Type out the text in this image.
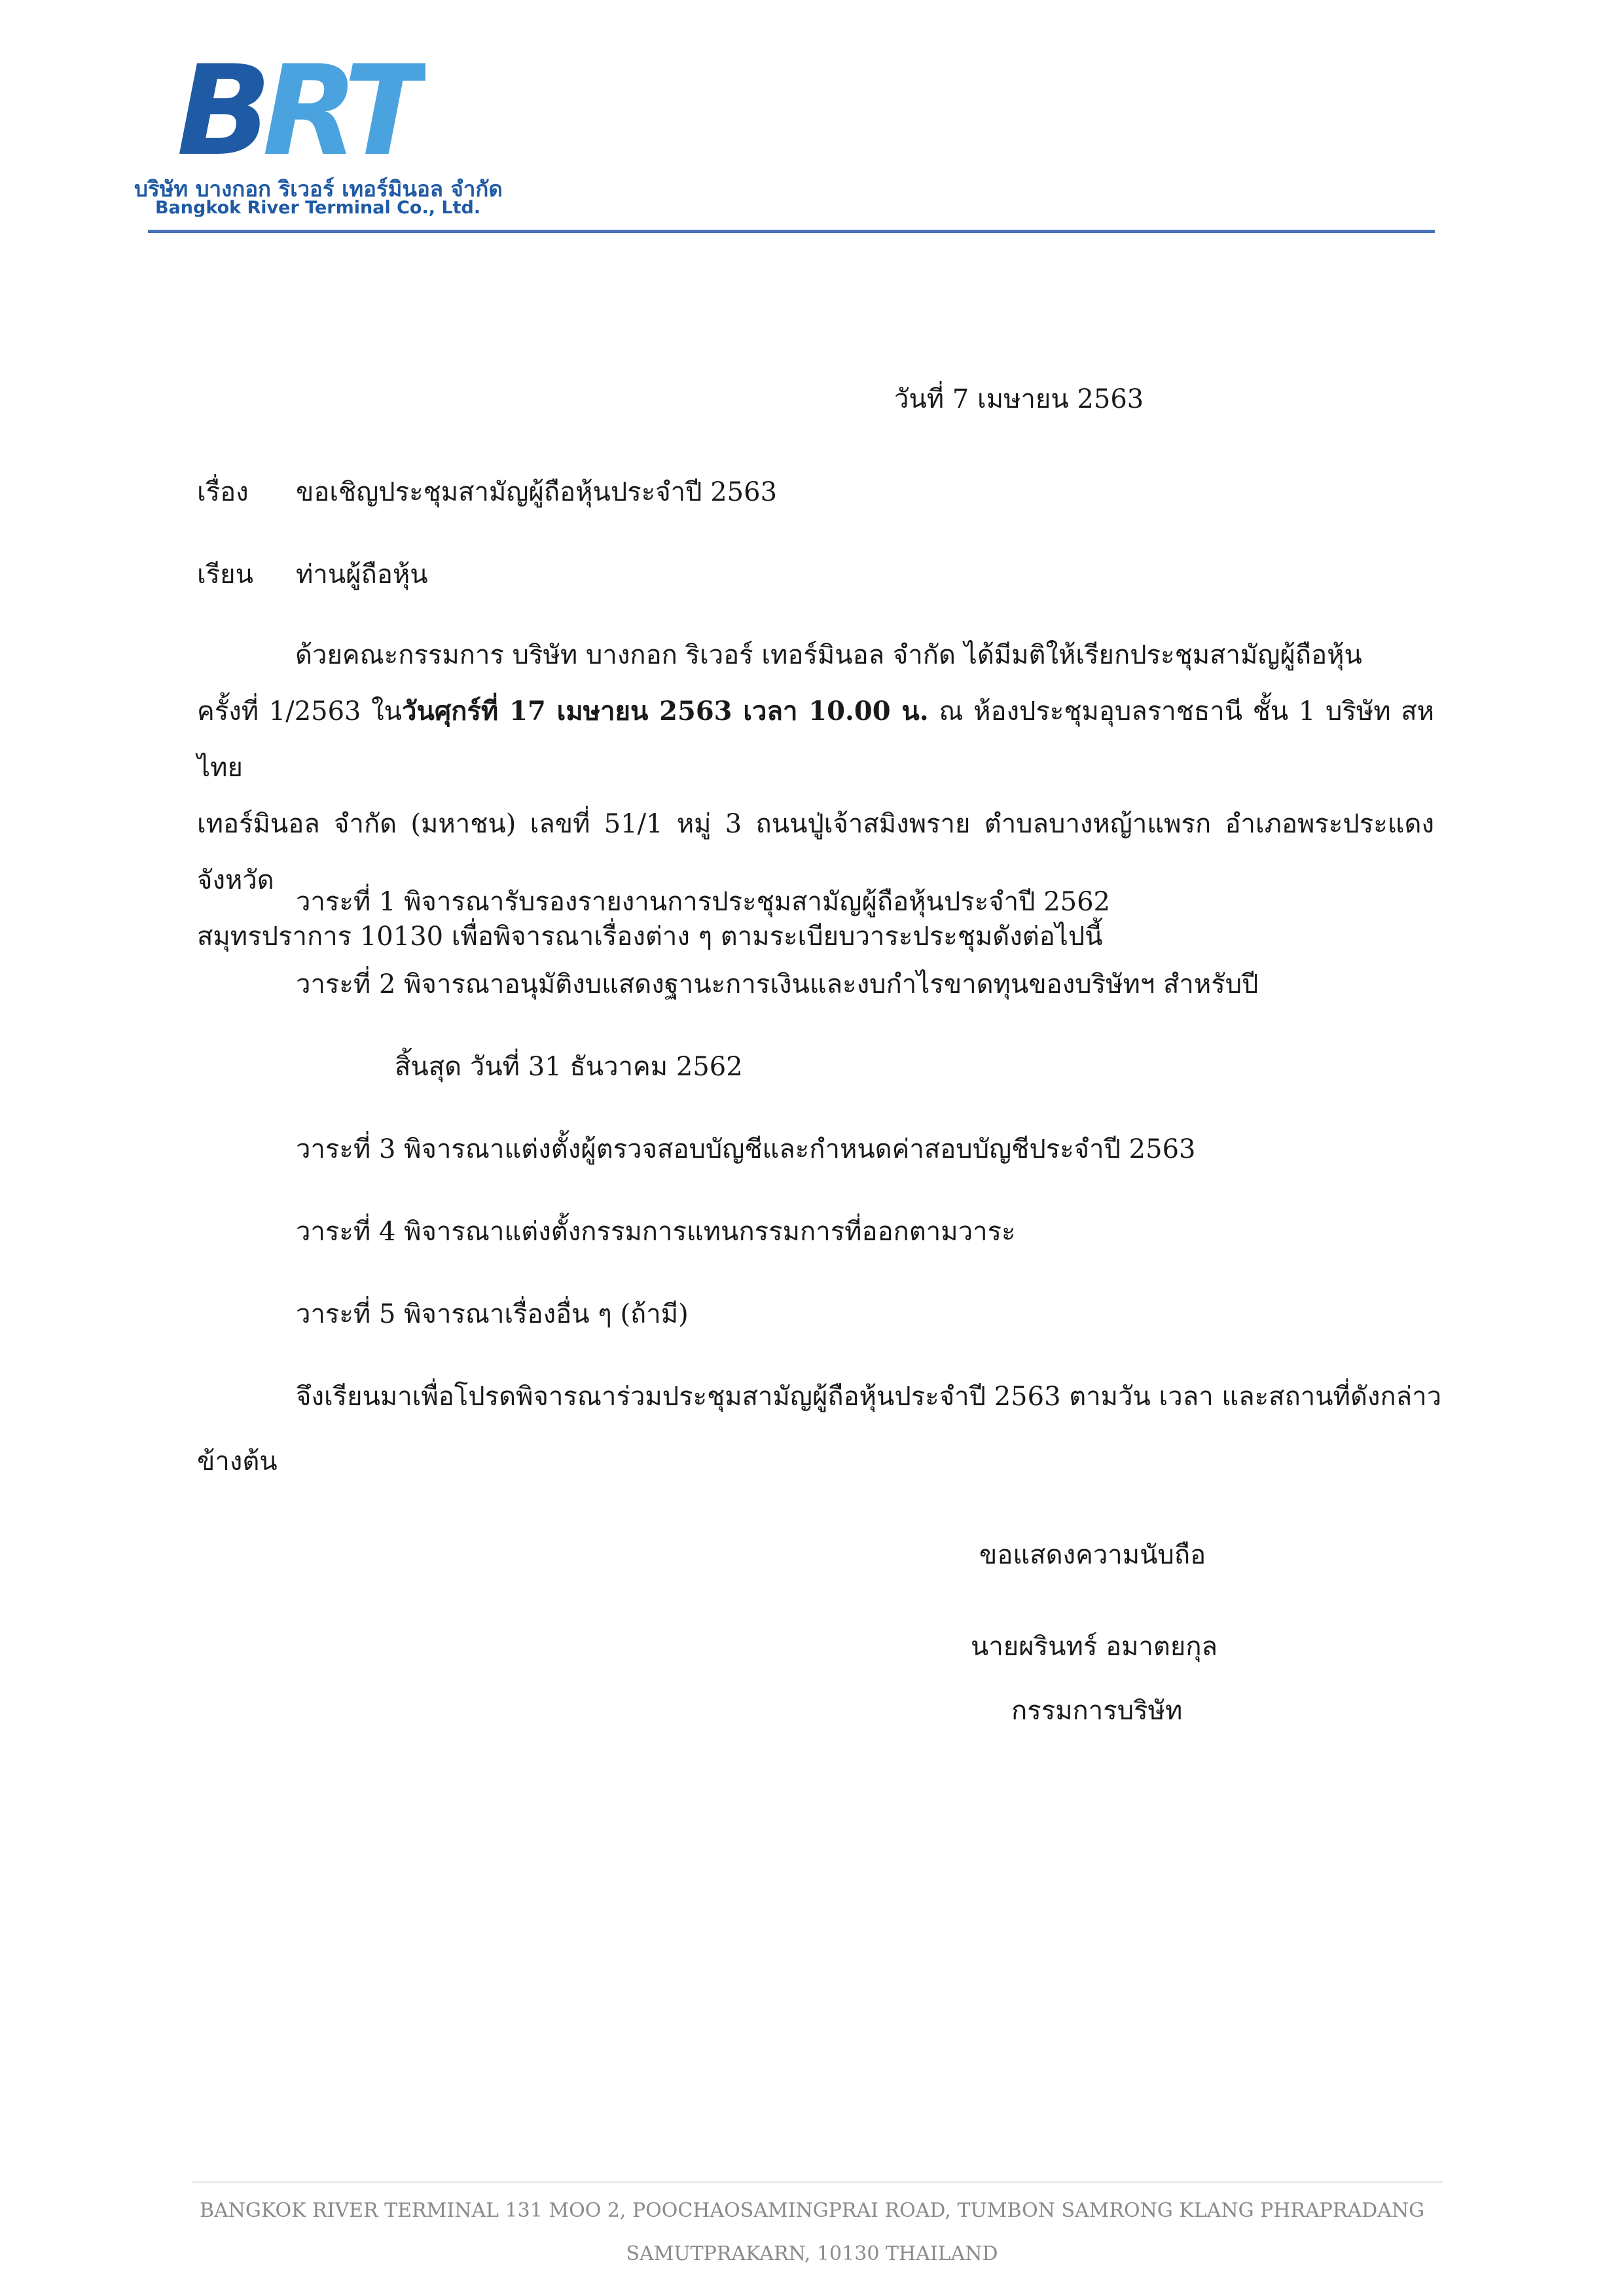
BRT
บริษัท บางกอก ริเวอร์ เทอร์มินอล จำกัด
Bangkok River Terminal Co., Ltd.
วันที่ 7 เมษายน 2563
เรื่อง ขอเชิญประชุมสามัญผู้ถือหุ้นประจำปี 2563
เรียน ท่านผู้ถือหุ้น

ด้วยคณะกรรมการ บริษัท บางกอก ริเวอร์ เทอร์มินอล จำกัด ได้มีมติให้เรียกประชุมสามัญผู้ถือหุ้น

ครั้งที่ 1/2563 ในวันศุกร์ที่ 17 เมษายน 2563 เวลา 10.00 น. ณ ห้องประชุมอุบลราชธานี ชั้น 1 บริษัท สหไทย

เทอร์มินอล จำกัด (มหาชน) เลขที่ 51/1 หมู่ 3 ถนนปู่เจ้าสมิงพราย ตำบลบางหญ้าแพรก อำเภอพระประแดง จังหวัด

สมุทรปราการ 10130 เพื่อพิจารณาเรื่องต่าง ๆ ตามระเบียบวาระประชุมดังต่อไปนี้

วาระที่ 1 พิจารณารับรองรายงานการประชุมสามัญผู้ถือหุ้นประจำปี 2562
วาระที่ 2 พิจารณาอนุมัติงบแสดงฐานะการเงินและงบกำไรขาดทุนของบริษัทฯ สำหรับปี
สิ้นสุด วันที่ 31 ธันวาคม 2562
วาระที่ 3 พิจารณาแต่งตั้งผู้ตรวจสอบบัญชีและกำหนดค่าสอบบัญชีประจำปี 2563
วาระที่ 4 พิจารณาแต่งตั้งกรรมการแทนกรรมการที่ออกตามวาระ
วาระที่ 5 พิจารณาเรื่องอื่น ๆ (ถ้ามี)
จึงเรียนมาเพื่อโปรดพิจารณาร่วมประชุมสามัญผู้ถือหุ้นประจำปี 2563 ตามวัน เวลา และสถานที่ดังกล่าว
ข้างต้น
ขอแสดงความนับถือ
นายผรินทร์ อมาตยกุล
กรรมการบริษัท
BANGKOK RIVER TERMINAL 131 MOO 2, POOCHAOSAMINGPRAI ROAD, TUMBON SAMRONG KLANG PHRAPRADANG
SAMUTPRAKARN, 10130 THAILAND
